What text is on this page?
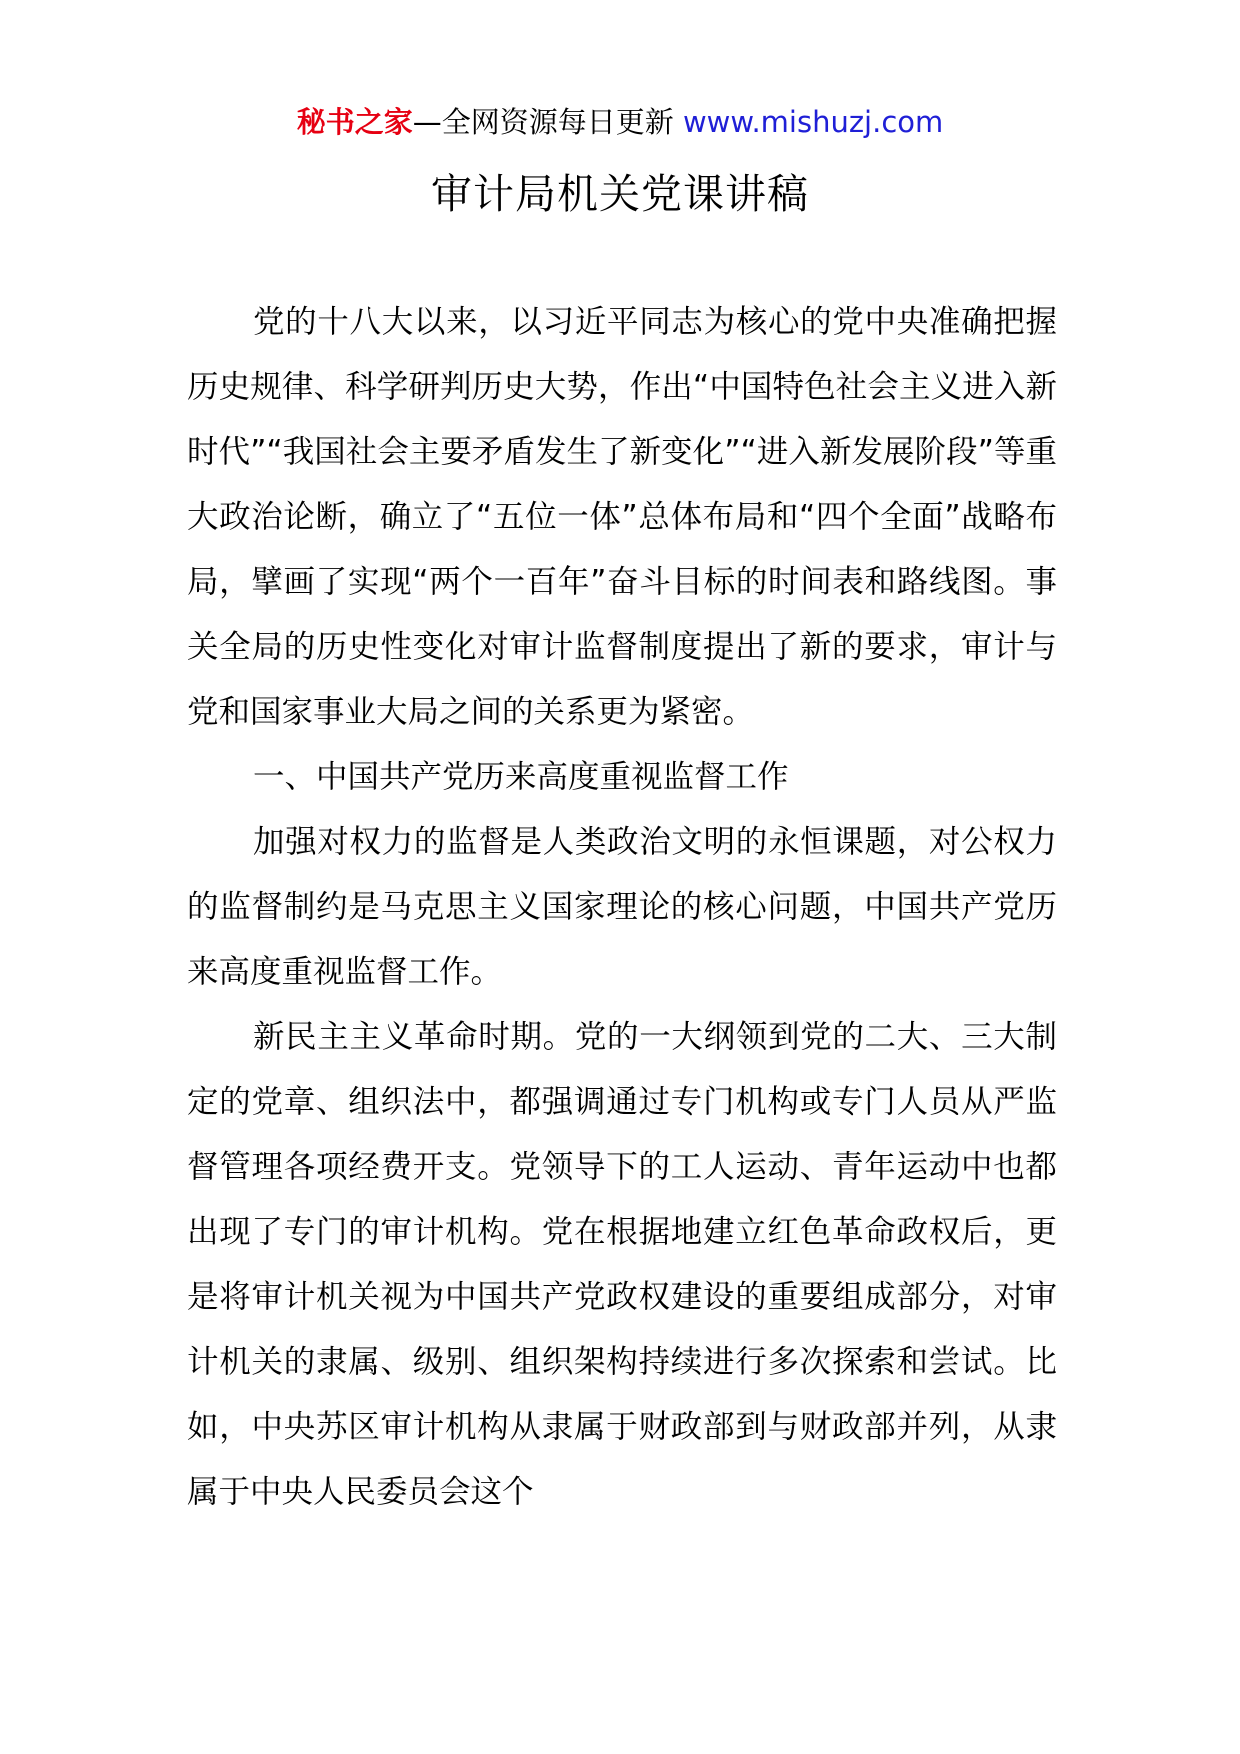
秘书之家—全网资源每日更新 www.mishuzj.com
审计局机关党课讲稿

党的十八大以来，以习近平同志为核心的党中央准确把握历史规律、科学研判历史大势，作出“中国特色社会主义进入新时代”“我国社会主要矛盾发生了新变化”“进入新发展阶段”等重大政治论断，确立了“五位一体”总体布局和“四个全面”战略布局，擘画了实现“两个一百年”奋斗目标的时间表和路线图。事关全局的历史性变化对审计监督制度提出了新的要求，审计与党和国家事业大局之间的关系更为紧密。

一、中国共产党历来高度重视监督工作

加强对权力的监督是人类政治文明的永恒课题，对公权力的监督制约是马克思主义国家理论的核心问题，中国共产党历来高度重视监督工作。

新民主主义革命时期。党的一大纲领到党的二大、三大制定的党章、组织法中，都强调通过专门机构或专门人员从严监督管理各项经费开支。党领导下的工人运动、青年运动中也都出现了专门的审计机构。党在根据地建立红色革命政权后，更是将审计机关视为中国共产党政权建设的重要组成部分，对审计机关的隶属、级别、组织架构持续进行多次探索和尝试。比如，中央苏区审计机构从隶属于财政部到与财政部并列，从隶属于中央人民委员会这个
